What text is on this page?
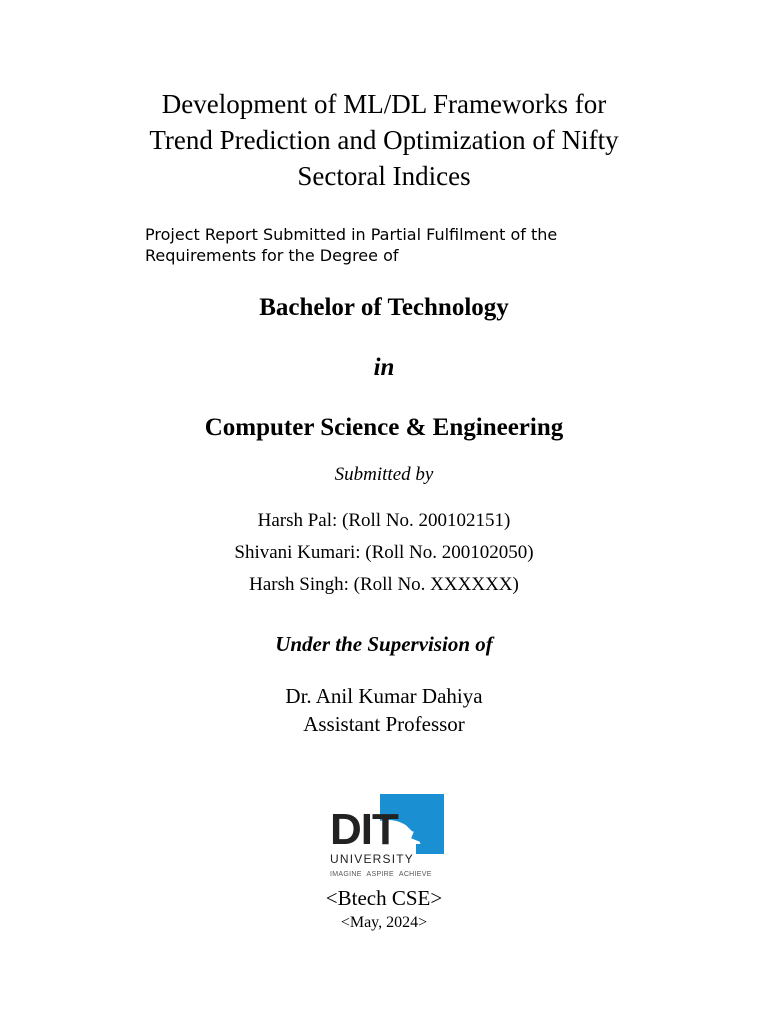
Development of ML/DL Frameworks for
Trend Prediction and Optimization of Nifty
Sectoral Indices

Project Report Submitted in Partial Fulfilment of the
Requirements for the Degree of

Bachelor of Technology

in

Computer Science & Engineering

Submitted by

Harsh Pal: (Roll No. 200102151)
Shivani Kumari: (Roll No. 200102050)
Harsh Singh: (Roll No. XXXXXX)

Under the Supervision of

Dr. Anil Kumar Dahiya
Assistant Professor

DIT
UNIVERSITY
IMAGINE ASPIRE ACHIEVE

<Btech CSE>

<May, 2024>
